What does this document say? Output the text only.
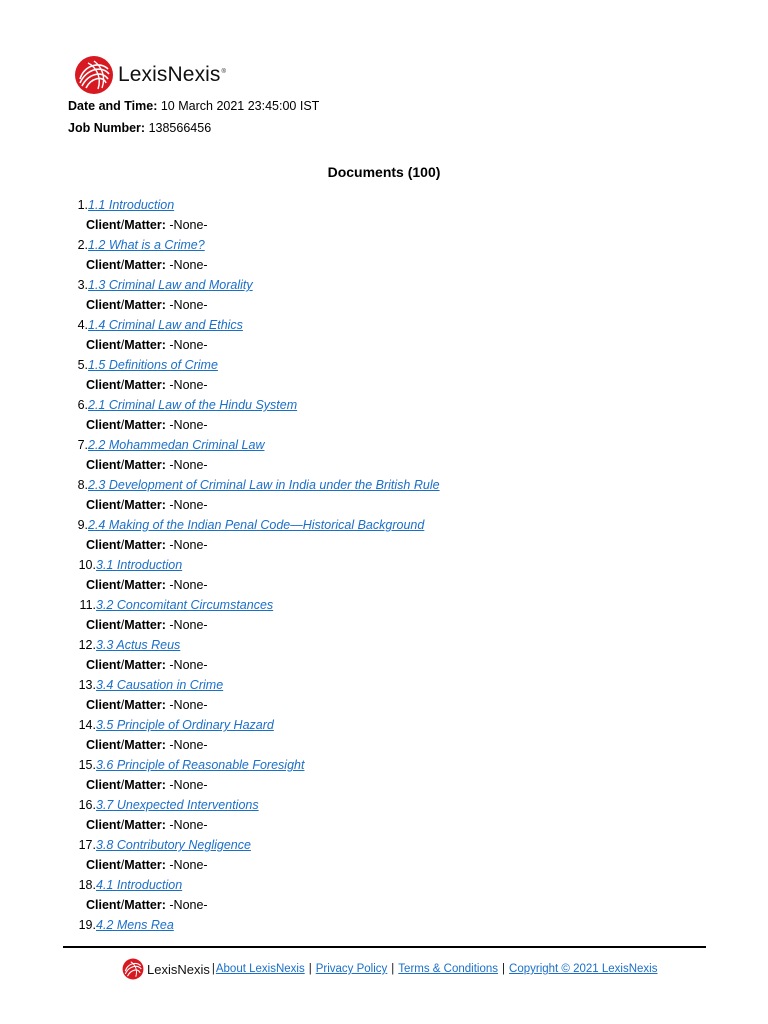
LexisNexis®
Date and Time: 10 March 2021 23:45:00 IST
Job Number: 138566456
Documents (100)
1. 1.1 Introduction
Client/Matter: -None-
2. 1.2 What is a Crime?
Client/Matter: -None-
3. 1.3 Criminal Law and Morality
Client/Matter: -None-
4. 1.4 Criminal Law and Ethics
Client/Matter: -None-
5. 1.5 Definitions of Crime
Client/Matter: -None-
6. 2.1 Criminal Law of the Hindu System
Client/Matter: -None-
7. 2.2 Mohammedan Criminal Law
Client/Matter: -None-
8. 2.3 Development of Criminal Law in India under the British Rule
Client/Matter: -None-
9. 2.4 Making of the Indian Penal Code—Historical Background
Client/Matter: -None-
10. 3.1 Introduction
Client/Matter: -None-
11. 3.2 Concomitant Circumstances
Client/Matter: -None-
12. 3.3 Actus Reus
Client/Matter: -None-
13. 3.4 Causation in Crime
Client/Matter: -None-
14. 3.5 Principle of Ordinary Hazard
Client/Matter: -None-
15. 3.6 Principle of Reasonable Foresight
Client/Matter: -None-
16. 3.7 Unexpected Interventions
Client/Matter: -None-
17. 3.8 Contributory Negligence
Client/Matter: -None-
18. 4.1 Introduction
Client/Matter: -None-
19. 4.2 Mens Rea
LexisNexis | About LexisNexis | Privacy Policy | Terms & Conditions | Copyright © 2021 LexisNexis
